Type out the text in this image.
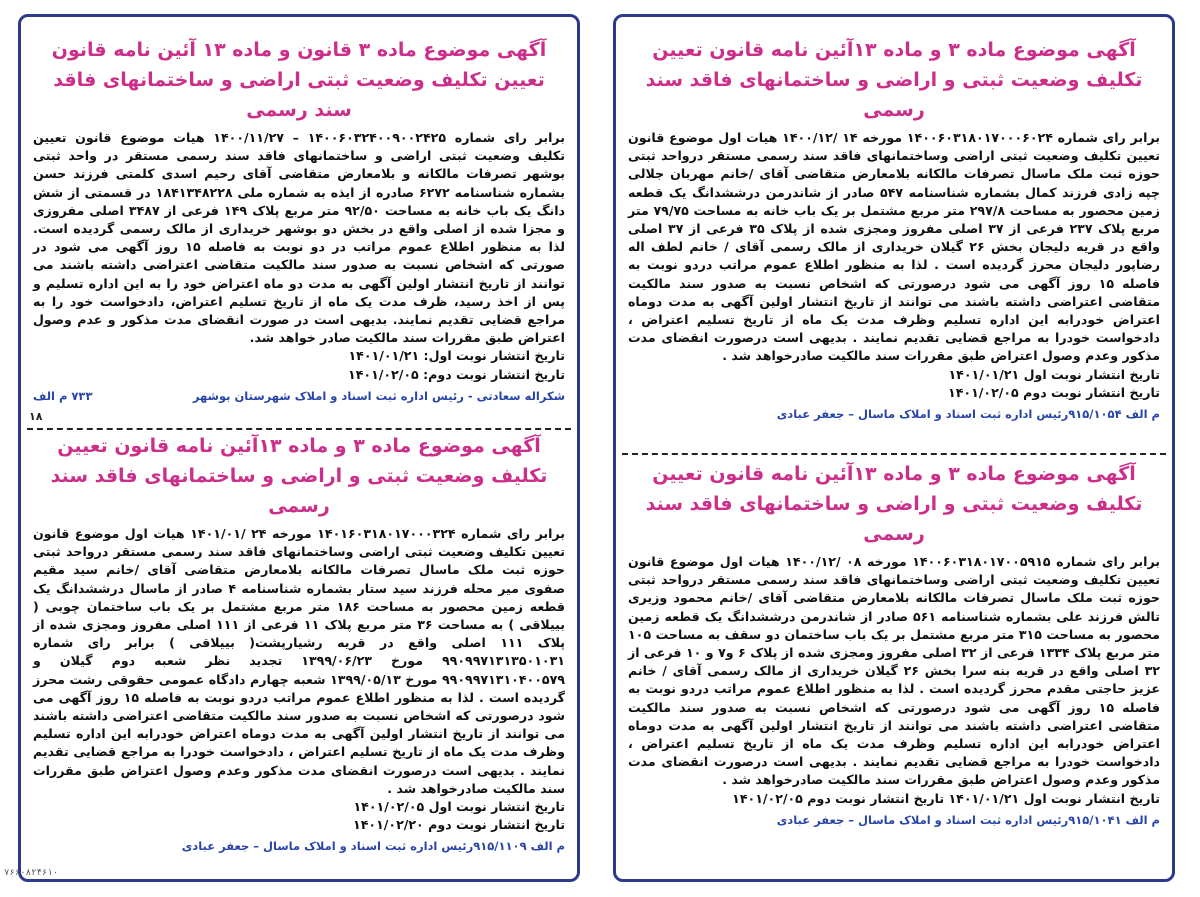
آگهی موضوع ماده ۳ قانون و ماده ۱۳ آئین نامه قانون تعیین تکلیف وضعیت ثبتی اراضی و ساختمانهای فاقد سند رسمی
برابر رای شماره ۱۴۰۰۶۰۳۲۴۰۰۹۰۰۲۴۲۵ – ۱۴۰۰/۱۱/۲۷ هیات موضوع قانون تعیین تکلیف وضعیت ثبتی اراضی و ساختمانهای فاقد سند رسمی مستقر در واحد ثبتی بوشهر تصرفات مالکانه و بلامعارض متقاضی آقای رحیم اسدی کلمتی فرزند حسن بشماره شناسنامه ۶۲۷۲ صادره از ایذه به شماره ملی ۱۸۴۱۳۴۸۲۲۸ در قسمتی از شش دانگ یک باب خانه به مساحت ۹۲/۵۰ متر مربع پلاک ۱۴۹ فرعی از ۳۴۸۷ اصلی مفروزی و مجزا شده از اصلی واقع در بخش دو بوشهر خریداری از مالک رسمی گردیده است. لذا به منظور اطلاع عموم مراتب در دو نوبت به فاصله ۱۵ روز آگهی می شود در صورتی که اشخاص نسبت به صدور سند مالکیت متقاضی اعتراضی داشته باشند می توانند از تاریخ انتشار اولین آگهی به مدت دو ماه اعتراض خود را به این اداره تسلیم و پس از اخذ رسید، ظرف مدت یک ماه از تاریخ تسلیم اعتراض، دادخواست خود را به مراجع قضایی تقدیم نمایند. بدیهی است در صورت انقضای مدت مذکور و عدم وصول اعتراض طبق مقررات سند مالکیت صادر خواهد شد.
تاریخ انتشار نوبت اول: ۱۴۰۱/۰۱/۲۱
تاریخ انتشار نوبت دوم: ۱۴۰۱/۰۲/۰۵
شکراله سعادتی - رئیس اداره ثبت اسناد و املاک شهرستان بوشهر
۷۳۳ م الف
۱۸
آگهی موضوع ماده ۳ و ماده ۱۳آئین نامه قانون تعیین تکلیف وضعیت ثبتی و اراضی و ساختمانهای فاقد سند رسمی
برابر رای شماره ۱۴۰۱۶۰۳۱۸۰۱۷۰۰۰۳۲۴ مورخه ۲۴ /۱۴۰۱/۰۱ هیات اول موضوع قانون تعیین تکلیف وضعیت ثبتی اراضی وساختمانهای فاقد سند رسمی مستقر درواحد ثبتی حوزه ثبت ملک ماسال تصرفات مالکانه بلامعارض متقاضی آقای /خانم سید مقیم صفوی میر محله فرزند سید ستار بشماره شناسنامه ۴ صادر از ماسال درششدانگ یک قطعه زمین محصور به مساحت ۱۸۶ متر مربع مشتمل بر یک باب ساختمان چوبی ( بییلاقی ) به مساحت ۳۶ متر مربع پلاک ۱۱ فرعی از ۱۱۱ اصلی مفروز ومجزی شده از پلاک ۱۱۱ اصلی واقع در قریه رشیارپشت( بییلاقی ) برابر رای شماره ۹۹۰۹۹۷۱۳۱۳۵۰۱۰۳۱ مورخ ۱۳۹۹/۰۶/۲۳ تجدید نظر شعبه دوم گیلان و ۹۹۰۹۹۷۱۳۱۰۴۰۰۵۷۹ مورخ ۱۳۹۹/۰۵/۱۳ شعبه چهارم دادگاه عمومی حقوقی رشت محرز گردیده است . لذا به منظور اطلاع عموم مراتب دردو نوبت به فاصله ۱۵ روز آگهی می شود درصورتی که اشخاص نسبت به صدور سند مالکیت متقاضی اعتراضی داشته باشند می توانند از تاریخ انتشار اولین آگهی به مدت دوماه اعتراض خودرابه این اداره تسلیم وظرف مدت یک ماه از تاریخ تسلیم اعتراض ، دادخواست خودرا به مراجع قضایی تقدیم نمایند . بدیهی است درصورت انقضای مدت مذکور وعدم وصول اعتراض طبق مقررات سند مالکیت صادرخواهد شد .
تاریخ انتشار نوبت اول ۱۴۰۱/۰۲/۰۵
تاریخ انتشار نوبت دوم ۱۴۰۱/۰۲/۲۰
م الف ۹۱۵/۱۱۰۹رئیس اداره ثبت اسناد و املاک ماسال – جعفر عبادی
آگهی موضوع ماده ۳ و ماده ۱۳آئین نامه قانون تعیین تکلیف وضعیت ثبتی و اراضی و ساختمانهای فاقد سند رسمی
برابر رای شماره ۱۴۰۰۶۰۳۱۸۰۱۷۰۰۰۶۰۲۴ مورخه ۱۴ /۱۴۰۰/۱۲ هیات اول موضوع قانون تعیین تکلیف وضعیت ثبتی اراضی وساختمانهای فاقد سند رسمی مستقر درواحد ثبتی حوزه ثبت ملک ماسال تصرفات مالکانه بلامعارض متقاضی آقای /خانم مهربان جلالی چپه زادی فرزند کمال بشماره شناسنامه ۵۴۷ صادر از شاندرمن درششدانگ یک قطعه زمین محصور به مساحت ۲۹۷/۸ متر مربع مشتمل بر یک باب خانه به مساحت ۷۹/۷۵ متر مربع پلاک ۲۳۷ فرعی از ۳۷ اصلی مفروز ومجزی شده از پلاک ۳۵ فرعی از ۳۷ اصلی واقع در قریه دلیجان بخش ۲۶ گیلان خریداری از مالک رسمی آقای / خانم لطف اله رضاپور دلیجان محرز گردیده است . لذا به منظور اطلاع عموم مراتب دردو نوبت به فاصله ۱۵ روز آگهی می شود درصورتی که اشخاص نسبت به صدور سند مالکیت متقاضی اعتراضی داشته باشند می توانند از تاریخ انتشار اولین آگهی به مدت دوماه اعتراض خودرابه این اداره تسلیم وظرف مدت یک ماه از تاریخ تسلیم اعتراض ، دادخواست خودرا به مراجع قضایی تقدیم نمایند . بدیهی است درصورت انقضای مدت مذکور وعدم وصول اعتراض طبق مقررات سند مالکیت صادرخواهد شد .
تاریخ انتشار نوبت اول ۱۴۰۱/۰۱/۲۱
تاریخ انتشار نوبت دوم ۱۴۰۱/۰۲/۰۵
م الف ۹۱۵/۱۰۵۴رئیس اداره ثبت اسناد و املاک ماسال – جعفر عبادی
آگهی موضوع ماده ۳ و ماده ۱۳آئین نامه قانون تعیین تکلیف وضعیت ثبتی و اراضی و ساختمانهای فاقد سند رسمی
برابر رای شماره ۱۴۰۰۶۰۳۱۸۰۱۷۰۰۵۹۱۵ مورخه ۰۸ /۱۴۰۰/۱۲ هیات اول موضوع قانون تعیین تکلیف وضعیت ثبتی اراضی وساختمانهای فاقد سند رسمی مستقر درواحد ثبتی حوزه ثبت ملک ماسال تصرفات مالکانه بلامعارض متقاضی آقای /خانم محمود وزیری تالش فرزند علی بشماره شناسنامه ۵۶۱ صادر از شاندرمن درششدانگ یک قطعه زمین محصور به مساحت ۳۱۵ متر مربع مشتمل بر یک باب ساختمان دو سقف به مساحت ۱۰۵ متر مربع پلاک ۱۳۳۴ فرعی از ۳۲ اصلی مفروز ومجزی شده از پلاک ۶ و۷ و ۱۰ فرعی از ۳۲ اصلی واقع در قریه بنه سرا بخش ۲۶ گیلان خریداری از مالک رسمی آقای / خانم عزیز حاجتی مقدم محرز گردیده است . لذا به منظور اطلاع عموم مراتب دردو نوبت به فاصله ۱۵ روز آگهی می شود درصورتی که اشخاص نسبت به صدور سند مالکیت متقاضی اعتراضی داشته باشند می توانند از تاریخ انتشار اولین آگهی به مدت دوماه اعتراض خودرابه این اداره تسلیم وظرف مدت یک ماه از تاریخ تسلیم اعتراض ، دادخواست خودرا به مراجع قضایی تقدیم نمایند . بدیهی است درصورت انقضای مدت مذکور وعدم وصول اعتراض طبق مقررات سند مالکیت صادرخواهد شد .
تاریخ انتشار نوبت اول ۱۴۰۱/۰۱/۲۱ تاریخ انتشار نوبت دوم ۱۴۰۱/۰۲/۰۵
م الف ۹۱۵/۱۰۴۱رئیس اداره ثبت اسناد و املاک ماسال – جعفر عبادی
۷۶۶۰۸۲۴۶۱۰
